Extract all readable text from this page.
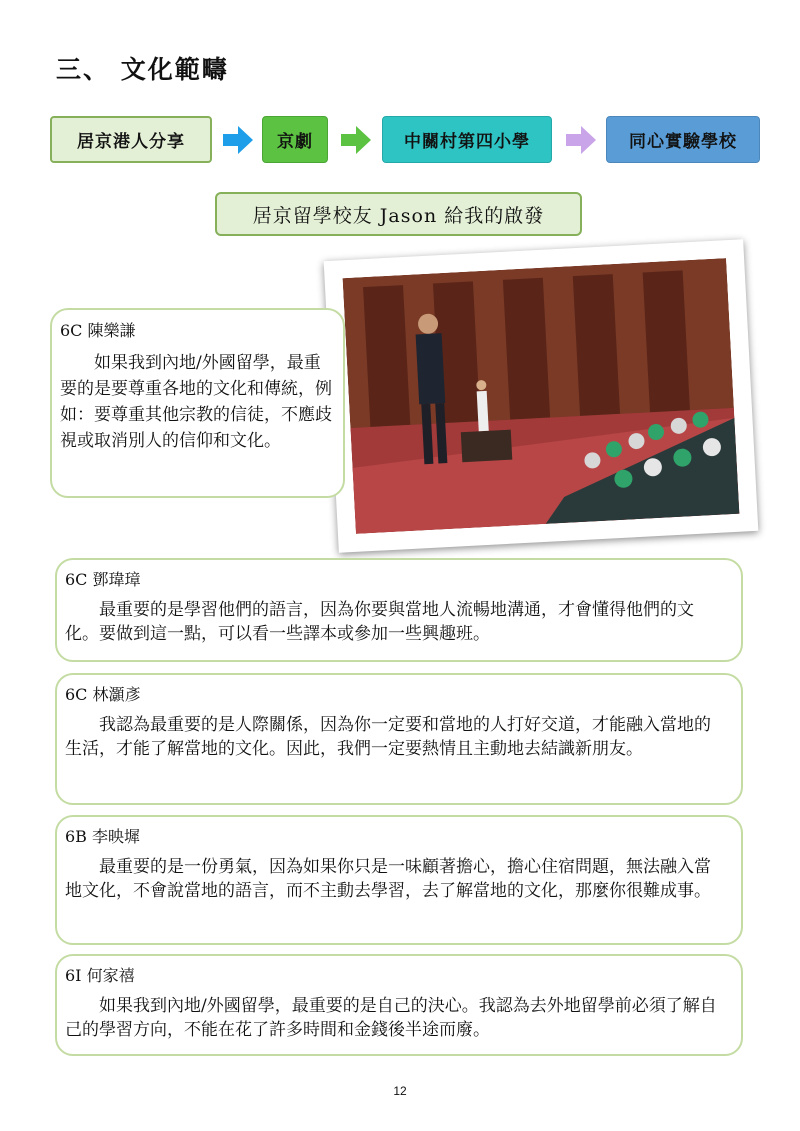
三、 文化範疇
居京港人分享	京劇	中關村第四小學	同心實驗學校
居京留學校友 Jason 給我的啟發
6C 陳樂謙
如果我到內地/外國留學，最重要的是要尊重各地的文化和傳統，例如：要尊重其他宗教的信徒，不應歧視或取消別人的信仰和文化。
6C 鄧瑋璋
最重要的是學習他們的語言，因為你要與當地人流暢地溝通，才會懂得他們的文化。要做到這一點，可以看一些譯本或參加一些興趣班。
6C 林灝彥
我認為最重要的是人際關係，因為你一定要和當地的人打好交道，才能融入當地的生活，才能了解當地的文化。因此，我們一定要熱情且主動地去結識新朋友。
6B 李映墀
最重要的是一份勇氣，因為如果你只是一味顧著擔心，擔心住宿問題，無法融入當地文化，不會說當地的語言，而不主動去學習，去了解當地的文化，那麼你很難成事。
6I 何家禧
如果我到內地/外國留學，最重要的是自己的決心。我認為去外地留學前必須了解自己的學習方向，不能在花了許多時間和金錢後半途而廢。
12
